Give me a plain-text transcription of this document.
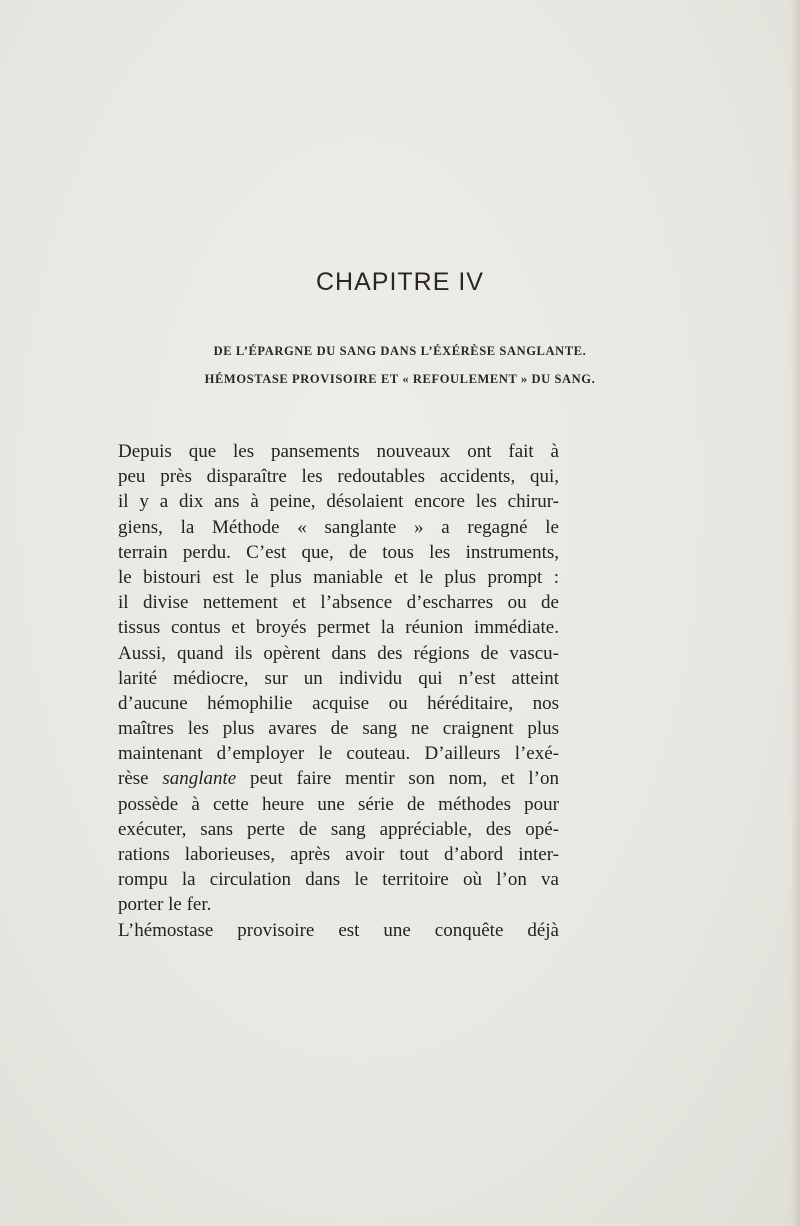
CHAPITRE IV

DE L’ÉPARGNE DU SANG DANS L’ÉXÉRÈSE SANGLANTE.

HÉMOSTASE PROVISOIRE ET « REFOULEMENT » DU SANG.

Depuis que les pansements nouveaux ont fait à
peu près disparaître les redoutables accidents, qui,
il y a dix ans à peine, désolaient encore les chirur-
giens, la Méthode « sanglante » a regagné le
terrain perdu. C’est que, de tous les instruments,
le bistouri est le plus maniable et le plus prompt :
il divise nettement et l’absence d’escharres ou de
tissus contus et broyés permet la réunion immédiate.
Aussi, quand ils opèrent dans des régions de vascu-
larité médiocre, sur un individu qui n’est atteint
d’aucune hémophilie acquise ou héréditaire, nos
maîtres les plus avares de sang ne craignent plus
maintenant d’employer le couteau. D’ailleurs l’exé-
rèse sanglante peut faire mentir son nom, et l’on
possède à cette heure une série de méthodes pour
exécuter, sans perte de sang appréciable, des opé-
rations laborieuses, après avoir tout d’abord inter-
rompu la circulation dans le territoire où l’on va
porter le fer.
L’hémostase provisoire est une conquête déjà
